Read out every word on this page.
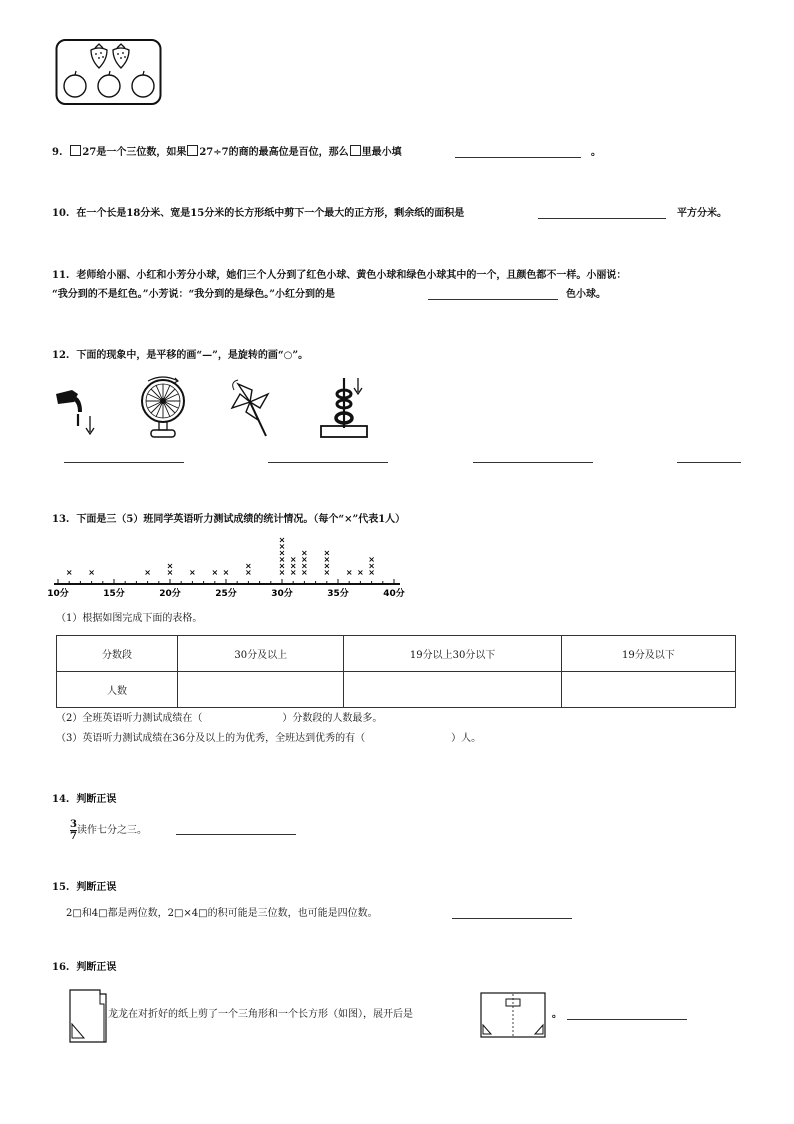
9. 27是一个三位数，如果 27÷7的商的最高位是百位，那么 里最小填	。
10. 在一个长是18分米、宽是15分米的长方形纸中剪下一个最大的正方形，剩余纸的面积是	平方分米。
11. 老师给小丽、小红和小芳分小球，她们三个人分到了红色小球、黄色小球和绿色小球其中的一个，且颜色都不一样。小丽说：
“我分到的不是红色。”小芳说：“我分到的是绿色。”小红分到的是	色小球。
12. 下面的现象中，是平移的画“—”，是旋转的画“○”。
13. 下面是三（5）班同学英语听力测试成绩的统计情况。（每个“×”代表1人）
10分	15分	20分	25分	30分	35分	40分
× ×	× ×
×
× × × ×
×
×
×
×
×
×
×
×
×
×
×
×
×
×
×
×
×
×
× × ×
×
×
（1）根据如图完成下面的表格。
分数段	30分及以上	19分以上30分以下	19分及以下
人数			
（2）全班英语听力测试成绩在（	）分数段的人数最多。
（3）英语听力测试成绩在36分及以上的为优秀，全班达到优秀的有（	）人。
14. 判断正误
$\frac{3}{7}$ 读作七分之三。
15. 判断正误
2□和4□都是两位数，2□×4□的积可能是三位数，也可能是四位数。
16. 判断正误
龙龙在对折好的纸上剪了一个三角形和一个长方形（如图），展开后是	。
